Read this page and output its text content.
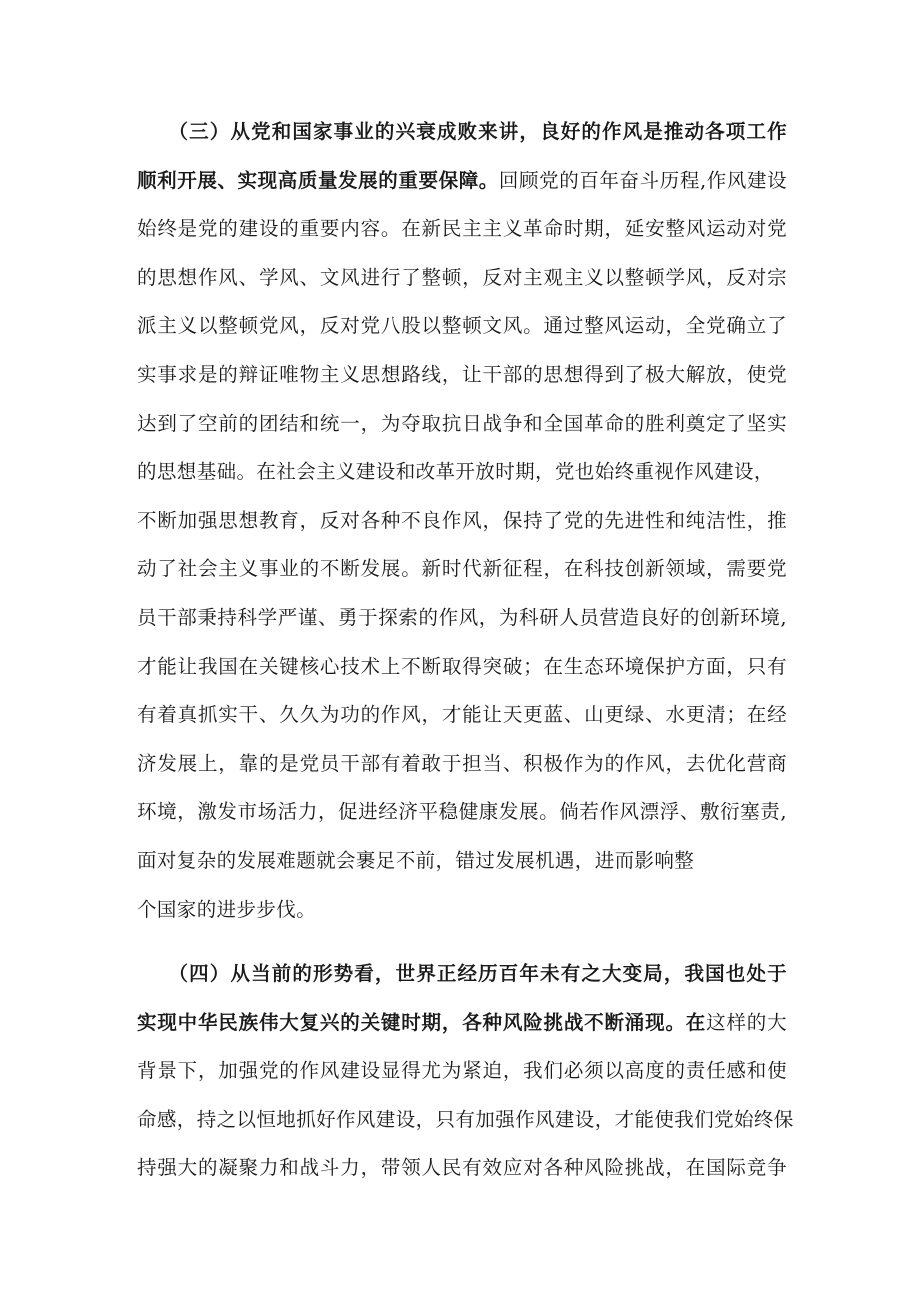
　　（三）从党和国家事业的兴衰成败来讲，良好的作风是推动各项工作
顺利开展、实现高质量发展的重要保障。回顾党的百年奋斗历程,作风建设
始终是党的建设的重要内容。在新民主主义革命时期，延安整风运动对党
的思想作风、学风、文风进行了整顿，反对主观主义以整顿学风，反对宗
派主义以整顿党风，反对党八股以整顿文风。通过整风运动，全党确立了
实事求是的辩证唯物主义思想路线，让干部的思想得到了极大解放，使党
达到了空前的团结和统一，为夺取抗日战争和全国革命的胜利奠定了坚实
的思想基础。在社会主义建设和改革开放时期，党也始终重视作风建设，
不断加强思想教育，反对各种不良作风，保持了党的先进性和纯洁性，推
动了社会主义事业的不断发展。新时代新征程，在科技创新领域，需要党
员干部秉持科学严谨、勇于探索的作风，为科研人员营造良好的创新环境,
才能让我国在关键核心技术上不断取得突破；在生态环境保护方面，只有
有着真抓实干、久久为功的作风，才能让天更蓝、山更绿、水更清；在经
济发展上，靠的是党员干部有着敢于担当、积极作为的作风，去优化营商
环境，激发市场活力，促进经济平稳健康发展。倘若作风漂浮、敷衍塞责,
面对复杂的发展难题就会裹足不前，错过发展机遇，进而影响整
个国家的进步步伐。
　　（四）从当前的形势看，世界正经历百年未有之大变局，我国也处于
实现中华民族伟大复兴的关键时期，各种风险挑战不断涌现。在这样的大
背景下，加强党的作风建设显得尤为紧迫，我们必须以高度的责任感和使
命感，持之以恒地抓好作风建设，只有加强作风建设，才能使我们党始终保
持强大的凝聚力和战斗力，带领人民有效应对各种风险挑战，在国际竞争
